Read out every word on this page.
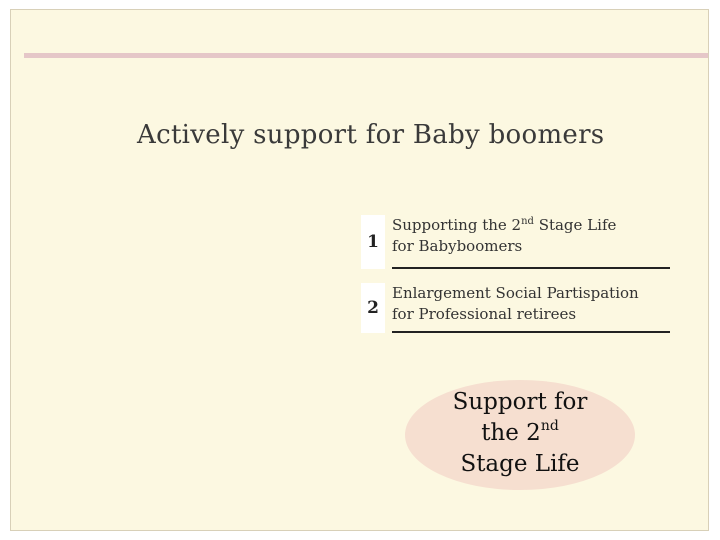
Actively support for Baby boomers
1
Supporting the 2nd Stage Life
for Babyboomers
2
Enlargement Social Partispation
for Professional retirees
Support for
the 2nd
Stage Life
